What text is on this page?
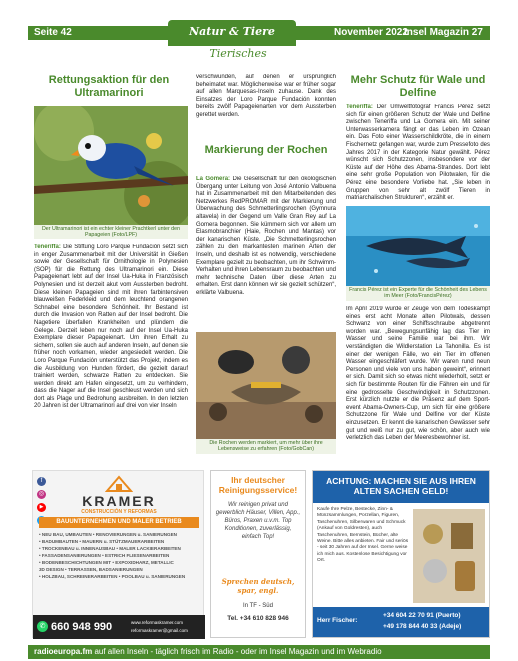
Seite 42	Natur & Tiere	November 2022
Insel Magazin 27
Tierisches
Rettungsaktion für den Ultramarinori
Der Ultramarinori ist ein echter kleiner Prachtkerl unter den Papageien (Foto/LPF)
Teneriffa: Die Stiftung Loro Parque Fundación setzt sich in enger Zusammenarbeit mit der Universität in Gießen sowie der Gesellschaft für Ornithologie in Polynesien (SOP) für die Rettung des Ultramarinori ein. Diese Papageienart lebt auf der Insel Ua-Huka in Französisch Polynesien und ist derzeit akut vom Aussterben bedroht. Diese kleinen Papageien sind mit ihren farbintensiven blauweißen Federkleid und dem leuchtend orangenen Schnabel eine besondere Schönheit. Ihr Bestand ist durch die Invasion von Ratten auf der Insel bedroht. Die Nagetiere überfallen Krankheiten und plündern die Gelege. Derzeit leben nur noch auf der Insel Ua-Huka Exemplare dieser Papageienart. Um ihren Erhalt zu sichern, sollen sie auch auf anderen Inseln, auf denen sie früher noch vorkamen, wieder angesiedelt werden. Die Loro Parque Fundación unterstützt das Projekt, indem es die Ausbildung von Hunden fördert, die gezielt darauf trainiert werden, schwarze Ratten zu entdecken. Sie werden direkt am Hafen eingesetzt, um zu verhindern, dass die Nager auf die Insel geschleust werden und sich dort als Plage und Bedrohung ausbreiten. In den letzten 20 Jahren ist der Ultramarinori auf drei von vier Inseln
verschwunden, auf denen er ursprünglich beheimatet war. Möglicherweise war er früher sogar auf allen Marquesas-Inseln zuhause. Dank des Einsatzes der Loro Parque Fundación konnten bereits zwölf Papageienarten vor dem Aussterben gerettet werden.
Markierung der Rochen
La Gomera: Die Gesellschaft für den ökologischen Übergang unter Leitung von José Antonio Valbuena hat in Zusammenarbeit mit den Mitarbeitenden des Netzwerkes RedPROMAR mit der Markierung und Überwachung des Schmetterlingsrochen (Gymnura altavela) in der Gegend um Valle Gran Rey auf La Gomera begonnen. Sie kümmern sich vor allem um Elasmobranchier (Haie, Rochen und Mantas) vor der kanarischen Küste. „Die Schmetterlingsrochen zählen zu den markantesten marinen Arten der Inseln, und deshalb ist es notwendig, verschiedene Exemplare gezielt zu beobachten, um ihr Schwimm-Verhalten und ihren Lebensraum zu beobachten und mehr technische Daten über diese Arten zu erhalten. Erst dann können wir sie gezielt schützen“, erklärte Valbuena.
Die Rochen werden markiert, um mehr über ihre Lebensweise zu erfahren (Foto/GobCan)
Mehr Schutz für Wale und Delfine
Teneriffa: Der Umweltfotograf Francis Pérez setzt sich für einen größeren Schutz der Wale und Delfine zwischen Teneriffa und La Gomera ein. Mit seiner Unterwasserkamera fängt er das Leben im Ozean ein. Das Foto einer Wasserschildkröte, die in einem Fischernetz gefangen war, wurde zum Pressefoto des Jahres 2017 in der Kategorie Natur gewählt. Pérez wünscht sich Schutzzonen, insbesondere vor der Küste auf der Höhe des Abama-Strandes. Dort lebt eine sehr große Population von Pilotwalen, für die Pérez eine besondere Vorliebe hat. „Sie leben in Gruppen von sehr alt zwölf Tieren in matriarchalischen Strukturen“, erzählt er.
Francis Pérez ist ein Experte für die Schönheit des Lebens im Meer (Foto/FrancisPérez)
Im April 2019 wurde er Zeuge von dem Todeskampf eines erst acht Monate alten Pilotwals, dessen Schwanz von einer Schiffsschraube abgetrennt worden war. „Bewegungsunfähig lag das Tier im Wasser und seine Familie war bei ihm. Wir verständigten die Wildlerstation La Tahonilla. Es ist einer der wenigen Fälle, wo ein Tier im offenen Wasser eingeschläfert wurde. Wir waren rund neun Personen und viele von uns haben geweint“, erinnert er sich. Damit sich so etwas nicht wiederholt, setzt er sich für bestimmte Routen für die Fähren ein und für eine gedrosselte Geschwindigkeit in Schutzzonen. Erst kürzlich nutzte er die Präsenz auf dem Sport-event Abama-Owners-Cup, um sich für eine größere Schutzzone für Wale und Delfine vor der Küste einzusetzen. Er kennt die kanarischen Gewässer sehr gut und weiß nur zu gut, wie schön, aber auch wie verletzlich das Leben der Meeresbewohner ist.
f
◎
▶	KRAMER
CONSTRUCCIÓN Y REFORMAS
BAUUNTERNEHMEN UND MALER BETRIEB
• NEU BAU, UMBAUTEN • RENOVIERUNGEN u. SANIERUNGEN
• BADUMBAUTEN • MAUERN u. STÜTZMAUERARBEITEN
• TROCKENBAU u. INNENAUSBAU • MALER LACKIERARBEITEN
• FASSADENSANIERUNGEN • ESTRICH FLIESENARBEITEN
• BODENBESCHICHTUNGEN MIT • EXPOXIDHARZ, METALLIC
3D DESIGN • TERRASSEN, BADSANIERUNGEN
• HOLZBAU, SCHREINERARBEITEN • POOLBAU u. SANIERUNGEN
✆ 660 948 990	www.reformaskramer.com
reformaskramer@gmail.com
Ihr deutscher Reinigungsservice!
Wir reinigen privat und gewerblich Häuser, Villen, App., Büros, Praxen u.v.m. Top Konditionen, zuverlässig, einfach Top!
Sprechen deutsch, spar, engl.
In TF - Süd
Tel. +34 610 828 946
ACHTUNG: MACHEN SIE AUS IHREN ALTEN SACHEN GELD!
Kaufe Ihre Pelze, Bestecke, Zinn- & Münzsammlungen, Porzellan, Figuren, Taschenuhren, Silberwaren und Schmuck (Ankauf von Goldresten), auch Taschenuhren, Bernstein, Bücher, alte Weine. Bitte alles anbieten. Fair und seriös - seit 30 Jahren auf der Insel. Gerne weise ich mich aus. Kostenlose Besichtigung vor Ort.
Herr Fischer:
+34 604 22 70 91 (Puerto)
+49 178 844 40 33 (Adeje)
radioeuropa.fm auf allen Inseln - täglich frisch im Radio - oder im Insel Magazin und im Webradio
